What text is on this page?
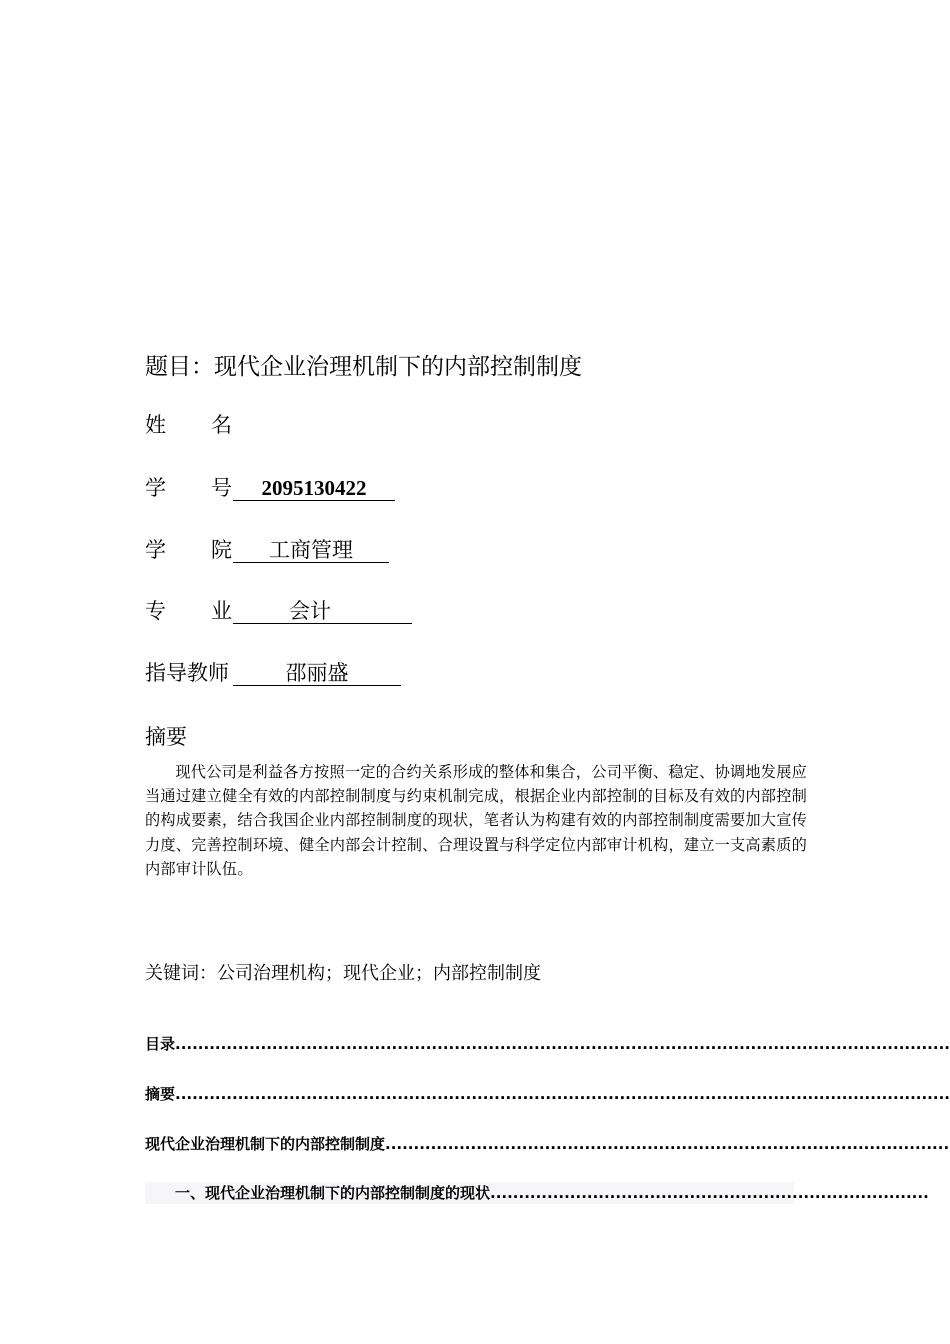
题目：现代企业治理机制下的内部控制制度
姓 名
学 号 2095130422
学 院 工商管理
专 业	会计
指导教师	邵丽盛
摘要
现代公司是利益各方按照一定的合约关系形成的整体和集合，公司平衡、稳定、协调地发展应当通过建立健全有效的内部控制制度与约束机制完成，根据企业内部控制的目标及有效的内部控制的构成要素，结合我国企业内部控制制度的现状，笔者认为构建有效的内部控制制度需要加大宣传力度、完善控制环境、健全内部会计控制、合理设置与科学定位内部审计机构，建立一支高素质的内部审计队伍。
关键词：公司治理机构；现代企业；内部控制制度
目录........................................................................................................................................
摘要........................................................................................................................................
现代企业治理机制下的内部控制制度...................................................................................................
一、现代企业治理机制下的内部控制制度的现状.............................................................................
